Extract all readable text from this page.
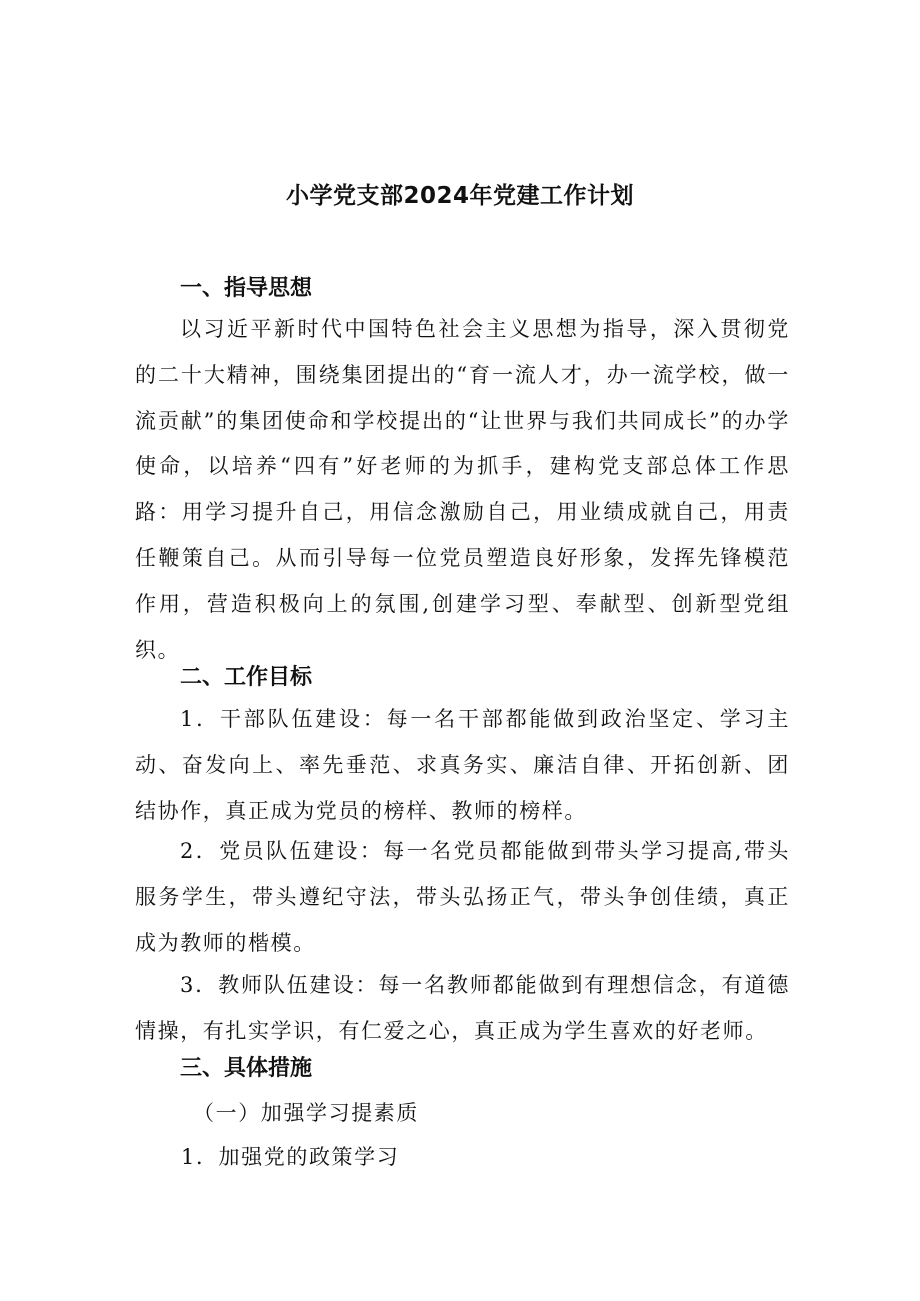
小学党支部2024年党建工作计划
一、指导思想

以习近平新时代中国特色社会主义思想为指导，深入贯彻党的二十大精神，围绕集团提出的“育一流人才，办一流学校，做一流贡献”的集团使命和学校提出的“让世界与我们共同成长”的办学使命，以培养“四有”好老师的为抓手，建构党支部总体工作思路：用学习提升自己，用信念激励自己，用业绩成就自己，用责任鞭策自己。从而引导每一位党员塑造良好形象，发挥先锋模范作用，营造积极向上的氛围,创建学习型、奉献型、创新型党组织。

二、工作目标

1．干部队伍建设：每一名干部都能做到政治坚定、学习主动、奋发向上、率先垂范、求真务实、廉洁自律、开拓创新、团结协作，真正成为党员的榜样、教师的榜样。

2．党员队伍建设：每一名党员都能做到带头学习提高,带头服务学生，带头遵纪守法，带头弘扬正气，带头争创佳绩，真正成为教师的楷模。

3．教师队伍建设：每一名教师都能做到有理想信念，有道德情操，有扎实学识，有仁爱之心，真正成为学生喜欢的好老师。

三、具体措施
（一）加强学习提素质
1．加强党的政策学习
